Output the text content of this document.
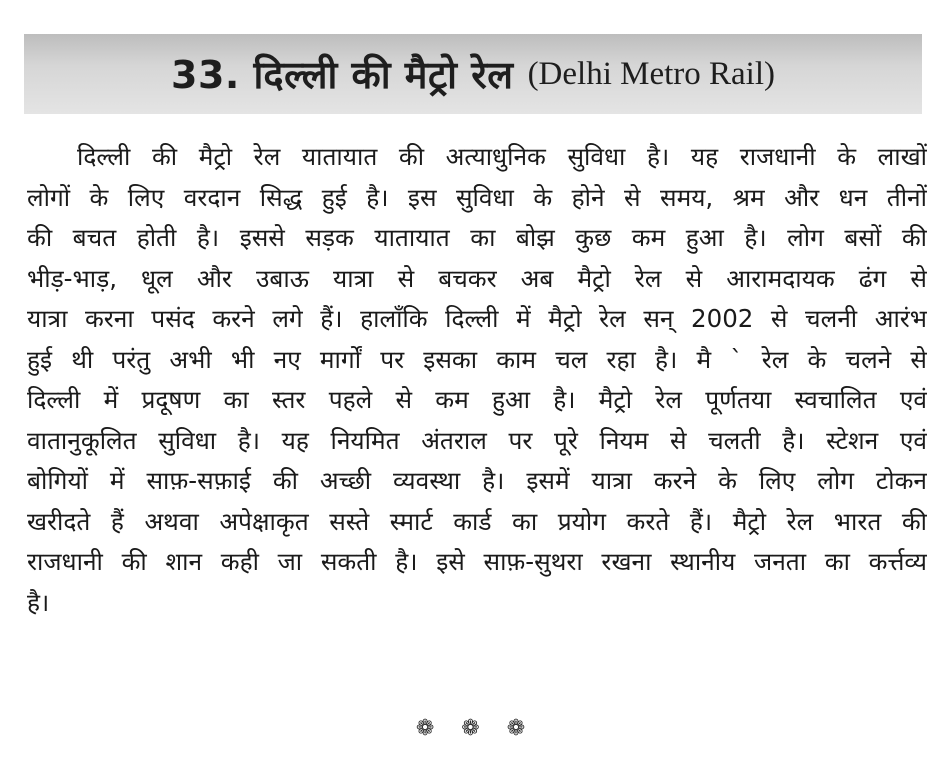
33. दिल्ली की मैट्रो रेल (Delhi Metro Rail)
दिल्ली की मैट्रो रेल यातायात की अत्याधुनिक सुविधा है। यह राजधानी के लाखों
लोगों के लिए वरदान सिद्ध हुई है। इस सुविधा के होने से समय, श्रम और धन तीनों
की बचत होती है। इससे सड़क यातायात का बोझ कुछ कम हुआ है। लोग बसों की
भीड़-भाड़, धूल और उबाऊ यात्रा से बचकर अब मैट्रो रेल से आरामदायक ढंग से
यात्रा करना पसंद करने लगे हैं। हालाँकि दिल्ली में मैट्रो रेल सन् 2002 से चलनी आरंभ
हुई थी परंतु अभी भी नए मार्गों पर इसका काम चल रहा है। मै ` रेल के चलने से
दिल्ली में प्रदूषण का स्तर पहले से कम हुआ है। मैट्रो रेल पूर्णतया स्वचालित एवं
वातानुकूलित सुविधा है। यह नियमित अंतराल पर पूरे नियम से चलती है। स्टेशन एवं
बोगियों में साफ़-सफ़ाई की अच्छी व्यवस्था है। इसमें यात्रा करने के लिए लोग टोकन
खरीदते हैं अथवा अपेक्षाकृत सस्ते स्मार्ट कार्ड का प्रयोग करते हैं। मैट्रो रेल भारत की
राजधानी की शान कही जा सकती है। इसे साफ़-सुथरा रखना स्थानीय जनता का कर्त्तव्य
है।
❁ ❁ ❁
